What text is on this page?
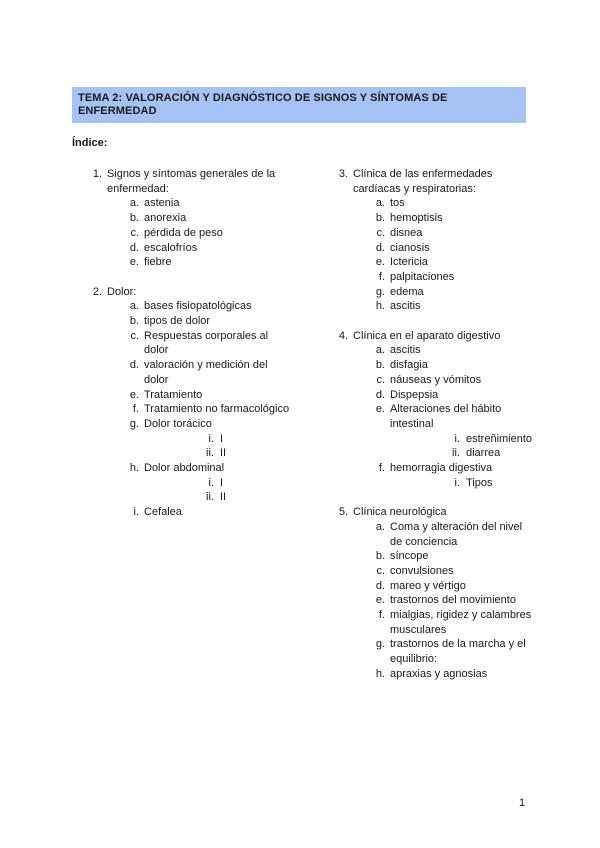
TEMA 2: VALORACIÓN Y DIAGNÓSTICO DE SIGNOS Y SÍNTOMAS DE ENFERMEDAD
Índice:
1. Signos y síntomas generales de la enfermedad:
a. astenia
b. anorexia
c. pérdida de peso
d. escalofríos
e. fiebre
2. Dolor:
a. bases fisiopatológicas
b. tipos de dolor
c. Respuestas corporales al dolor
d. valoración y medición del dolor
e. Tratamiento
f. Tratamiento no farmacológico
g. Dolor torácico
i. I
ii. II
h. Dolor abdominal
i. I
ii. II
i. Cefalea
3. Clínica de las enfermedades cardíacas y respiratorias:
a. tos
b. hemoptisis
c. disnea
d. cianosis
e. Ictericia
f. palpitaciones
g. edema
h. ascitis
4. Clínica en el aparato digestivo
a. ascitis
b. disfagia
c. náuseas y vómitos
d. Dispepsia
e. Alteraciones del hábito intestinal
i. estreñimiento
ii. diarrea
f. hemorragia digestiva
i. Tipos
5. Clínica neurológica
a. Coma y alteración del nivel de conciencia
b. síncope
c. convulsiones
d. mareo y vértigo
e. trastornos del movimiento
f. mialgias, rigidez y calambres musculares
g. trastornos de la marcha y el equilibrio:
h. apraxias y agnosias
1
